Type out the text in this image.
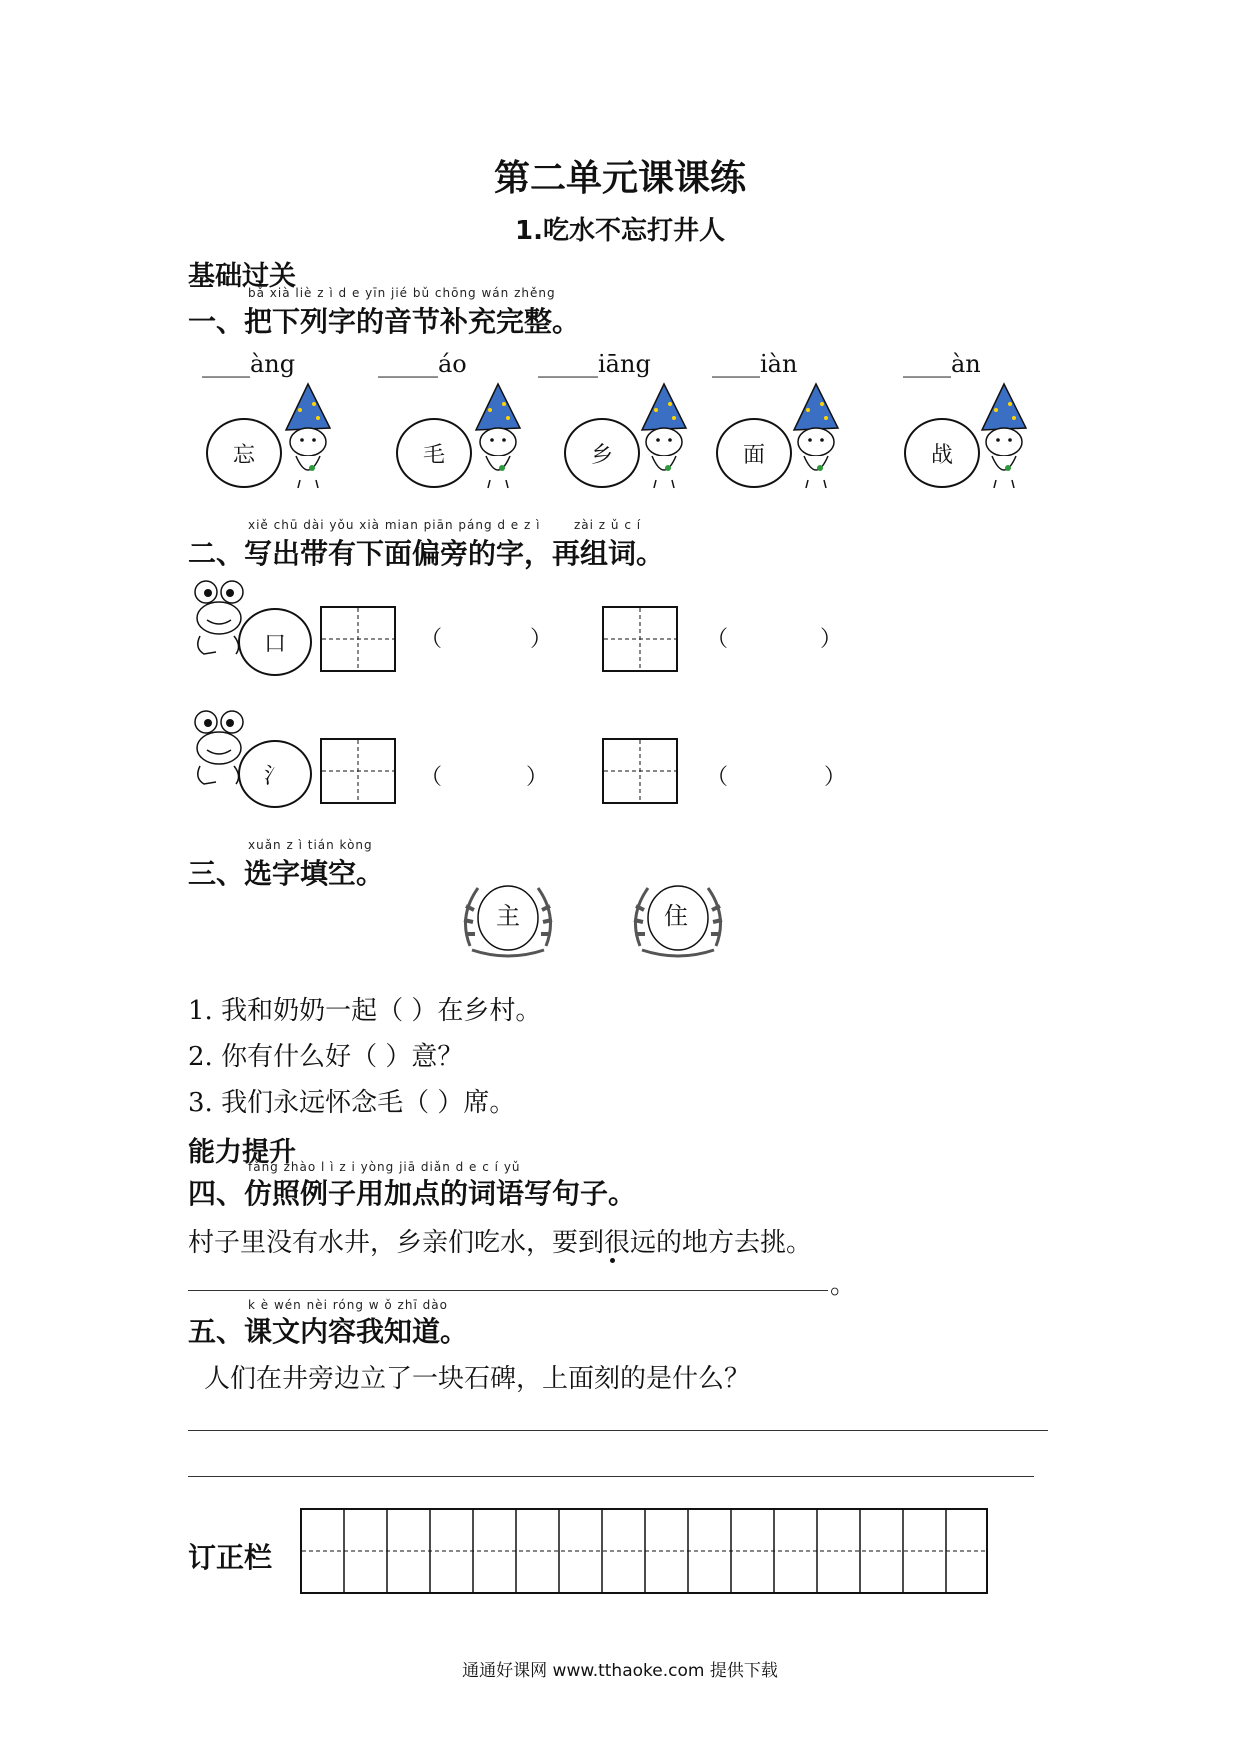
第二单元课课练
1.吃水不忘打井人
基础过关
bǎ xià liè z ì d e yīn jié bǔ chōng wán zhěng
一、把下列字的音节补充完整。
____àng	_____áo	_____iāng	____iàn	____àn
忘	毛	乡	面	战
xiě chū dài yǒu xià mian piān páng d e z ì	zài z ǔ c í
二、写出带有下面偏旁的字，再组词。
口	（	）	（	）
氵	（	）	（	）
xuǎn z ì tián kòng
三、选字填空。
主	住
1. 我和奶奶一起（ ）在乡村。
2. 你有什么好（ ）意？
3. 我们永远怀念毛（ ）席。
能力提升
fǎng zhào l ì z i yòng jiā diǎn d e c í yǔ
四、仿照例子用加点的词语写句子。
村子里没有水井，乡亲们吃水，要到很远的地方去挑。
。
k è wén nèi róng w ǒ zhī dào
五、课文内容我知道。
人们在井旁边立了一块石碑，上面刻的是什么？
订正栏
通通好课网 www.tthaoke.com 提供下载
